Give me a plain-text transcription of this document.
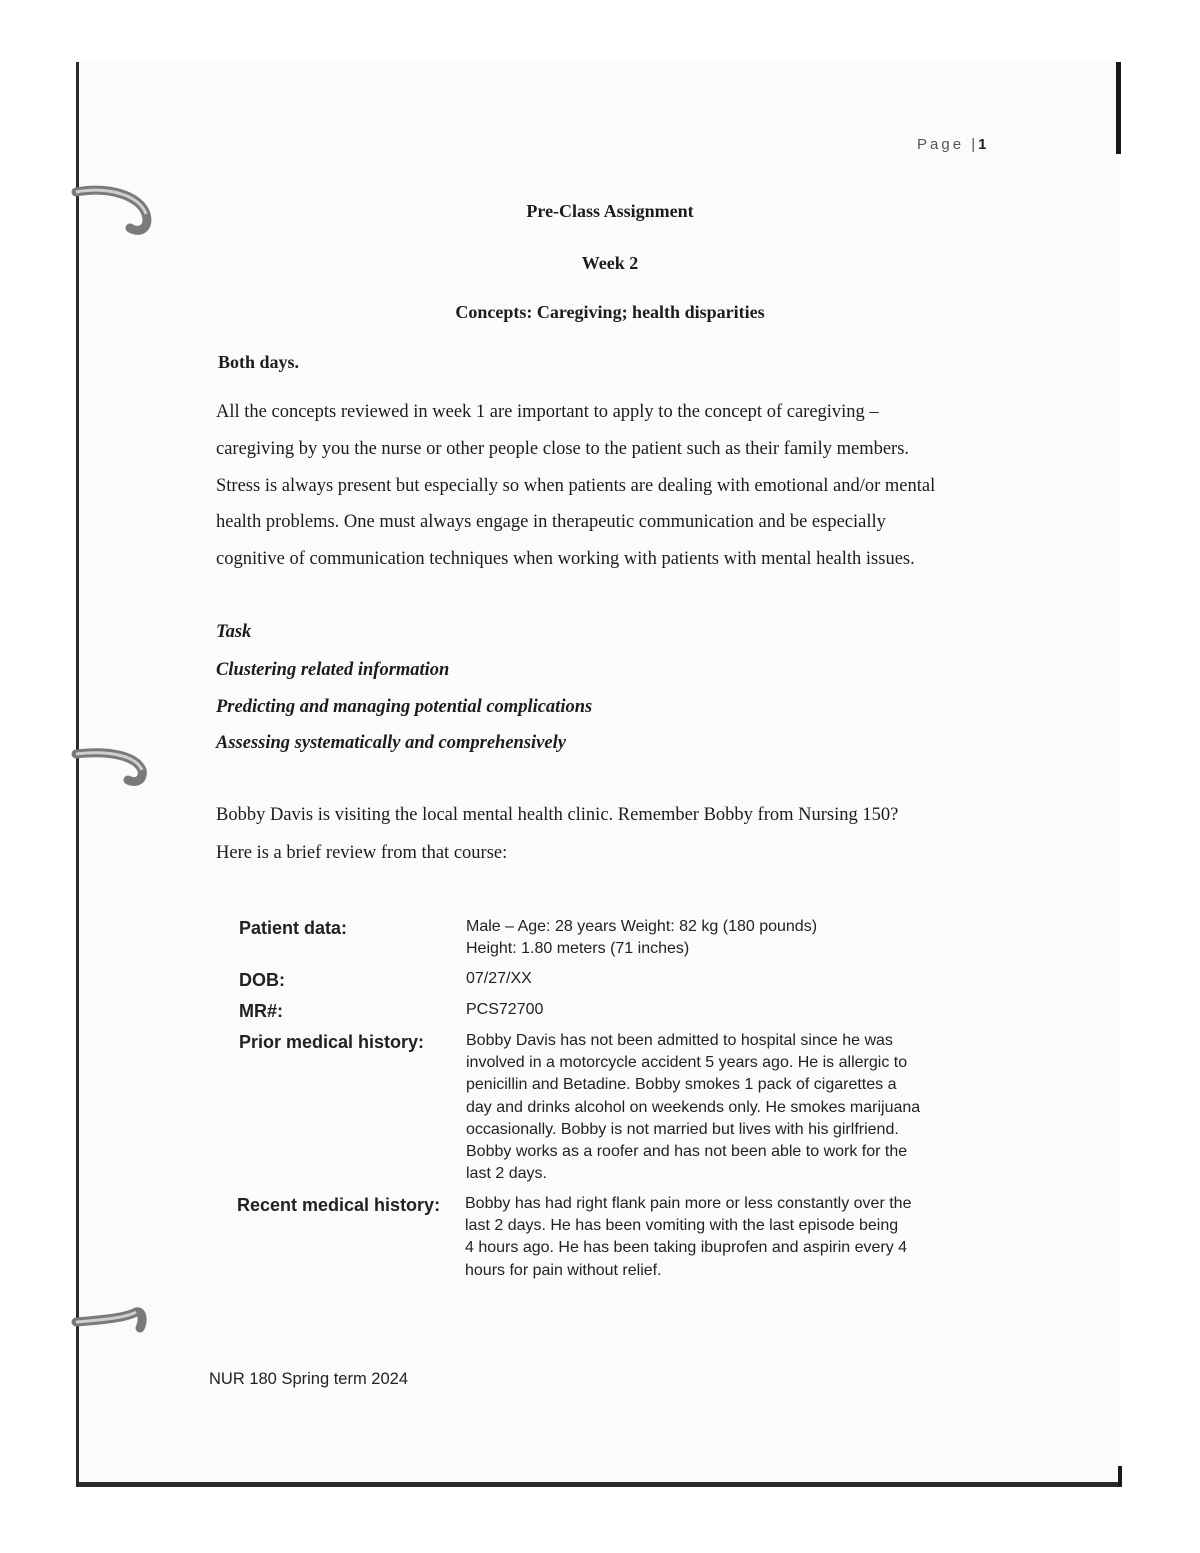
Page |1
Pre-Class Assignment
Week 2
Concepts: Caregiving; health disparities
Both days.
All the concepts reviewed in week 1 are important to apply to the concept of caregiving –
caregiving by you the nurse or other people close to the patient such as their family members.
Stress is always present but especially so when patients are dealing with emotional and/or mental
health problems. One must always engage in therapeutic communication and be especially
cognitive of communication techniques when working with patients with mental health issues.
Task
Clustering related information
Predicting and managing potential complications
Assessing systematically and comprehensively
Bobby Davis is visiting the local mental health clinic. Remember Bobby from Nursing 150?
Here is a brief review from that course:
Patient data:	Male – Age: 28 years Weight: 82 kg (180 pounds)
Height: 1.80 meters (71 inches)
DOB:	07/27/XX
MR#:	PCS72700
Prior medical history:	Bobby Davis has not been admitted to hospital since he was
involved in a motorcycle accident 5 years ago. He is allergic to
penicillin and Betadine. Bobby smokes 1 pack of cigarettes a
day and drinks alcohol on weekends only. He smokes marijuana
occasionally. Bobby is not married but lives with his girlfriend.
Bobby works as a roofer and has not been able to work for the
last 2 days.
Recent medical history: Bobby has had right flank pain more or less constantly over the
last 2 days. He has been vomiting with the last episode being
4 hours ago. He has been taking ibuprofen and aspirin every 4
hours for pain without relief.
NUR 180 Spring term 2024
